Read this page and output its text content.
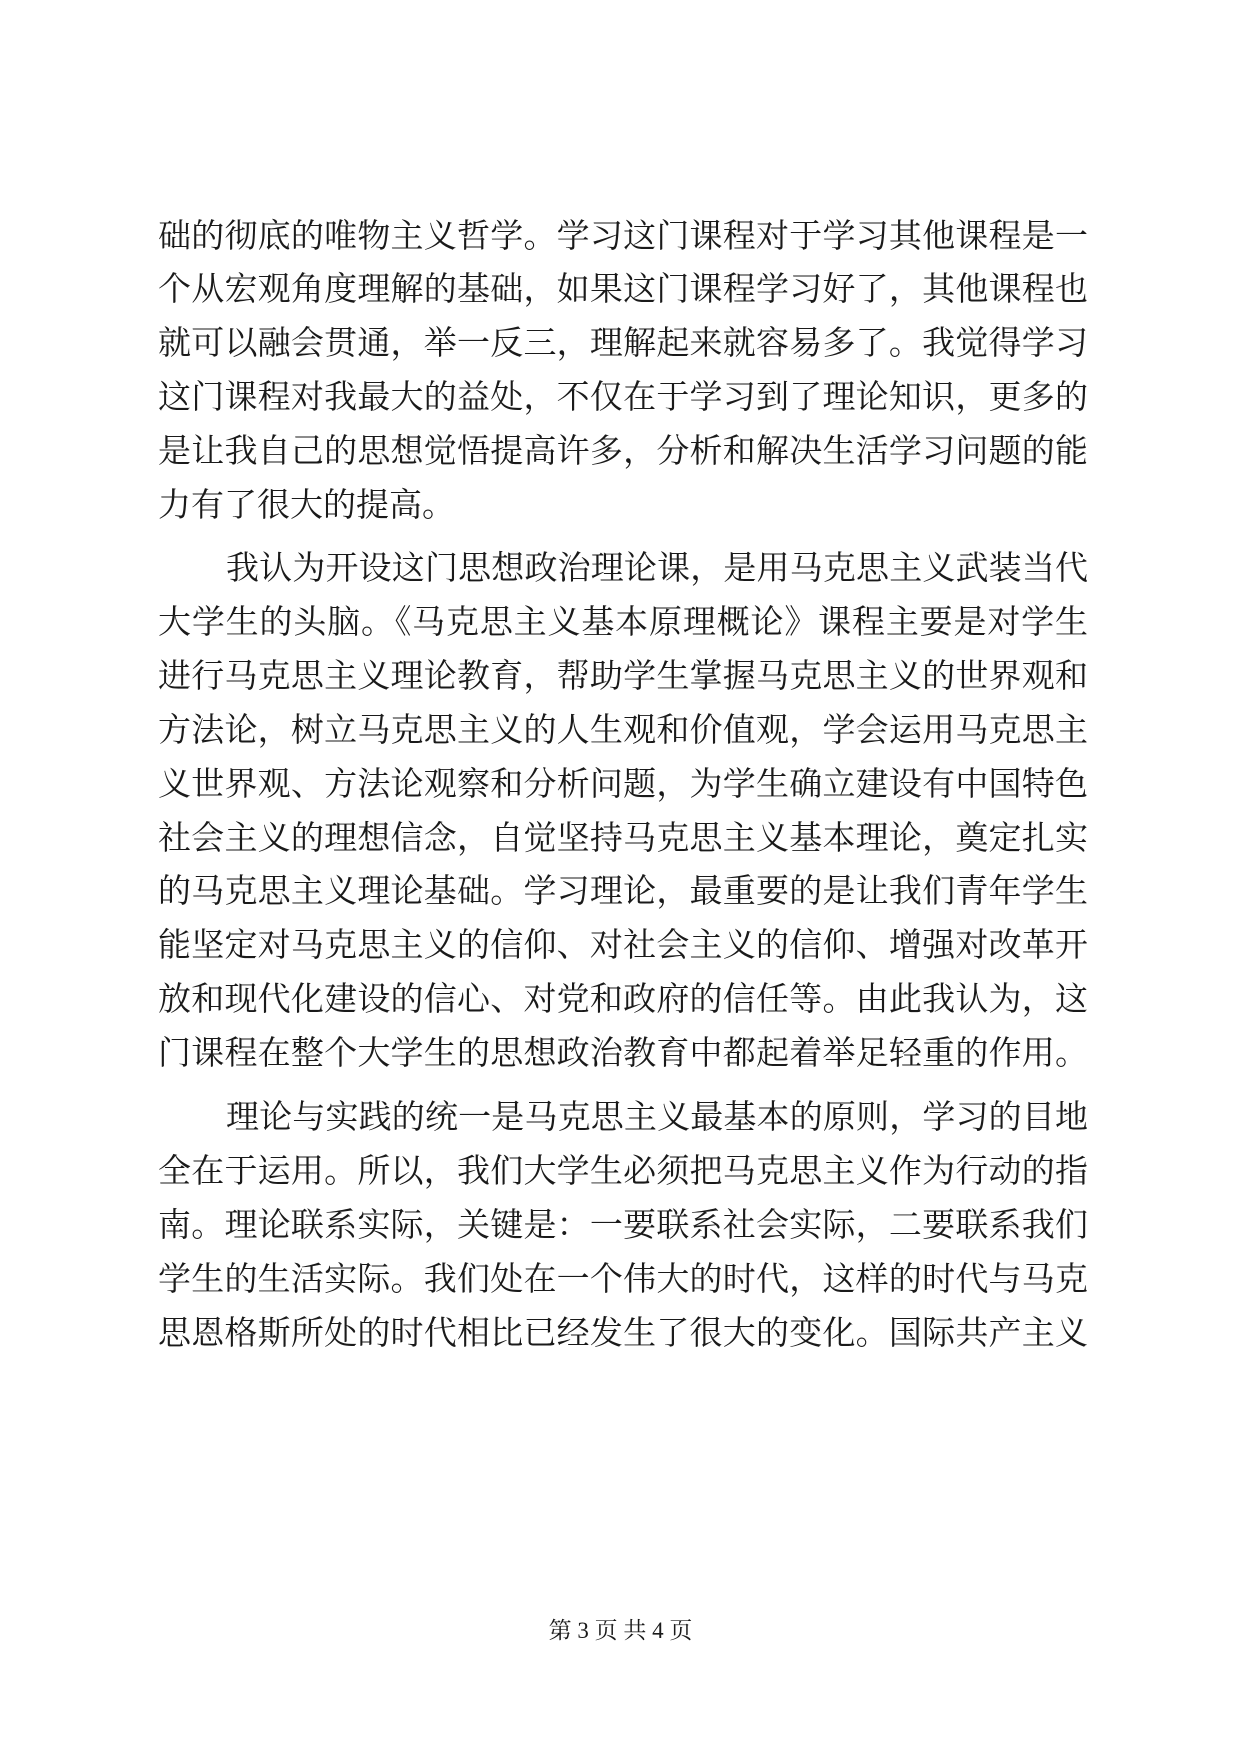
础的彻底的唯物主义哲学。学习这门课程对于学习其他课程是一
个从宏观角度理解的基础，如果这门课程学习好了，其他课程也
就可以融会贯通，举一反三，理解起来就容易多了。我觉得学习
这门课程对我最大的益处，不仅在于学习到了理论知识，更多的
是让我自己的思想觉悟提高许多，分析和解决生活学习问题的能
力有了很大的提高。
我认为开设这门思想政治理论课，是用马克思主义武装当代
大学生的头脑。《马克思主义基本原理概论》课程主要是对学生
进行马克思主义理论教育，帮助学生掌握马克思主义的世界观和
方法论，树立马克思主义的人生观和价值观，学会运用马克思主
义世界观、方法论观察和分析问题，为学生确立建设有中国特色
社会主义的理想信念，自觉坚持马克思主义基本理论，奠定扎实
的马克思主义理论基础。学习理论，最重要的是让我们青年学生
能坚定对马克思主义的信仰、对社会主义的信仰、增强对改革开
放和现代化建设的信心、对党和政府的信任等。由此我认为，这
门课程在整个大学生的思想政治教育中都起着举足轻重的作用。
理论与实践的统一是马克思主义最基本的原则，学习的目地
全在于运用。所以，我们大学生必须把马克思主义作为行动的指
南。理论联系实际，关键是：一要联系社会实际，二要联系我们
学生的生活实际。我们处在一个伟大的时代，这样的时代与马克
思恩格斯所处的时代相比已经发生了很大的变化。国际共产主义
第 3 页 共 4 页
